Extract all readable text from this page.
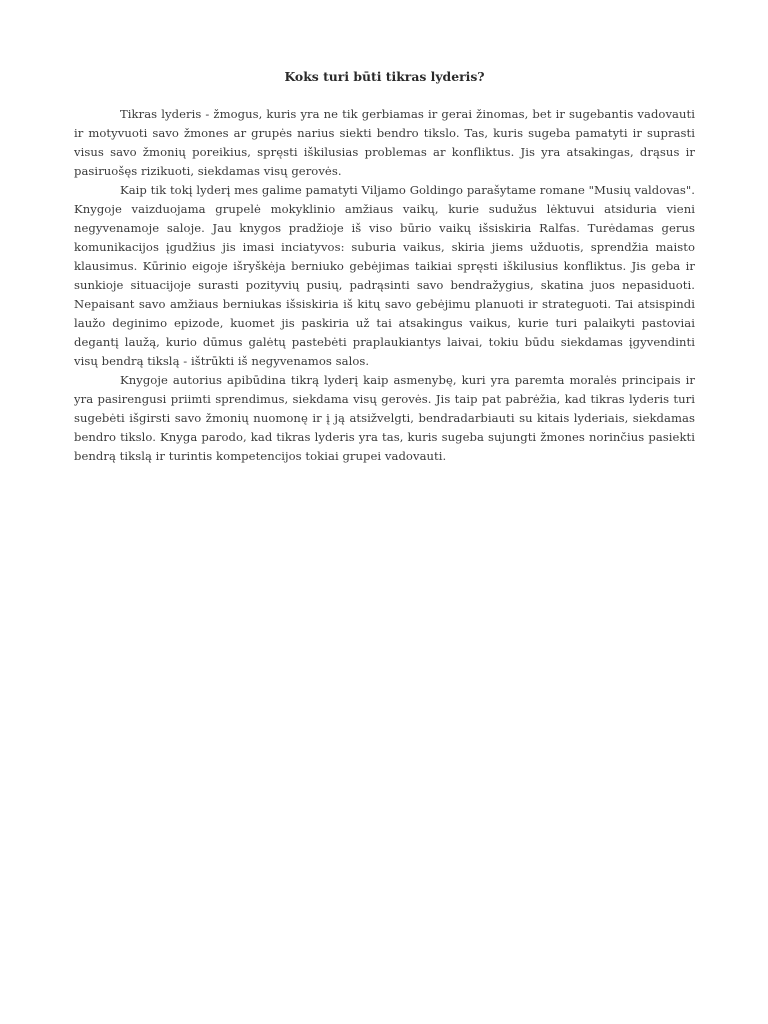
Koks turi būti tikras lyderis?

Tikras lyderis - žmogus, kuris yra ne tik gerbiamas ir gerai žinomas, bet ir sugebantis vadovauti ir motyvuoti savo žmones ar grupės narius siekti bendro tikslo. Tas, kuris sugeba pamatyti ir suprasti visus savo žmonių poreikius, spręsti iškilusias problemas ar konfliktus. Jis yra atsakingas, drąsus ir pasiruošęs rizikuoti, siekdamas visų gerovės.

Kaip tik tokį lyderį mes galime pamatyti Viljamo Goldingo parašytame romane "Musių valdovas". Knygoje vaizduojama grupelė mokyklinio amžiaus vaikų, kurie sudužus lėktuvui atsiduria vieni negyvenamoje saloje. Jau knygos pradžioje iš viso būrio vaikų išsiskiria Ralfas. Turėdamas gerus komunikacijos įgudžius jis imasi inciatyvos: suburia vaikus, skiria jiems užduotis, sprendžia maisto klausimus. Kūrinio eigoje išryškėja berniuko gebėjimas taikiai spręsti iškilusius konfliktus. Jis geba ir sunkioje situacijoje surasti pozityvių pusių, padrąsinti savo bendražygius, skatina juos nepasiduoti. Nepaisant savo amžiaus berniukas išsiskiria iš kitų savo gebėjimu planuoti ir strateguoti. Tai atsispindi laužo deginimo epizode, kuomet jis paskiria už tai atsakingus vaikus, kurie turi palaikyti pastoviai degantį laužą, kurio dūmus galėtų pastebėti praplaukiantys laivai, tokiu būdu siekdamas įgyvendinti visų bendrą tikslą - ištrūkti iš negyvenamos salos.

Knygoje autorius apibūdina tikrą lyderį kaip asmenybę, kuri yra paremta moralės principais ir yra pasirengusi priimti sprendimus, siekdama visų gerovės. Jis taip pat pabrėžia, kad tikras lyderis turi sugebėti išgirsti savo žmonių nuomonę ir į ją atsižvelgti, bendradarbiauti su kitais lyderiais, siekdamas bendro tikslo. Knyga parodo, kad tikras lyderis yra tas, kuris sugeba sujungti žmones norinčius pasiekti bendrą tikslą ir turintis kompetencijos tokiai grupei vadovauti.
